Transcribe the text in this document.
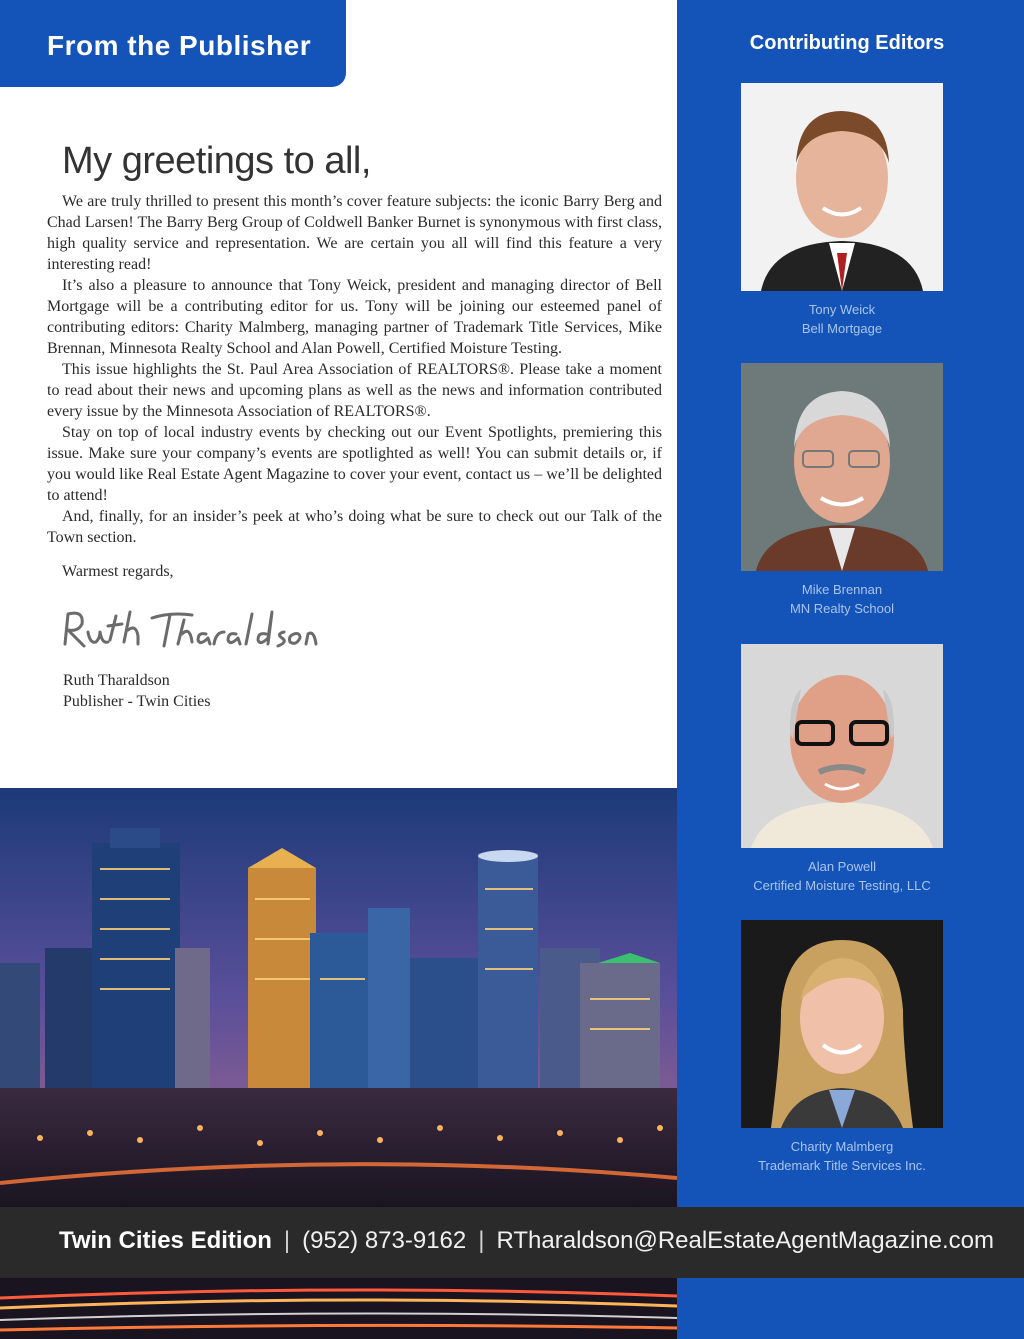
From the Publisher
My greetings to all,

We are truly thrilled to present this month’s cover feature subjects: the iconic Barry Berg and Chad Larsen! The Barry Berg Group of Coldwell Banker Burnet is synonymous with first class, high quality service and representation. We are certain you all will find this feature a very interesting read!

It’s also a pleasure to announce that Tony Weick, president and managing director of Bell Mortgage will be a contributing editor for us. Tony will be joining our esteemed panel of contributing editors: Charity Malmberg, managing partner of Trademark Title Services, Mike Brennan, Minnesota Realty School and Alan Powell, Certified Moisture Testing.

This issue highlights the St. Paul Area Association of REALTORS®. Please take a moment to read about their news and upcoming plans as well as the news and information contributed every issue by the Minnesota Association of REALTORS®.

Stay on top of local industry events by checking out our Event Spotlights, premiering this issue. Make sure your company’s events are spotlighted as well! You can submit details or, if you would like Real Estate Agent Magazine to cover your event, contact us – we’ll be delighted to attend!

And, finally, for an insider’s peek at who’s doing what be sure to check out our Talk of the Town section.

Warmest regards,

Ruth Tharaldson
Publisher - Twin Cities
Contributing Editors
Tony Weick
Bell Mortgage
Mike Brennan
MN Realty School
Alan Powell
Certified Moisture Testing, LLC
Charity Malmberg
Trademark Title Services Inc.
Twin Cities Edition | (952) 873-9162 | RTharaldson@RealEstateAgentMagazine.com
